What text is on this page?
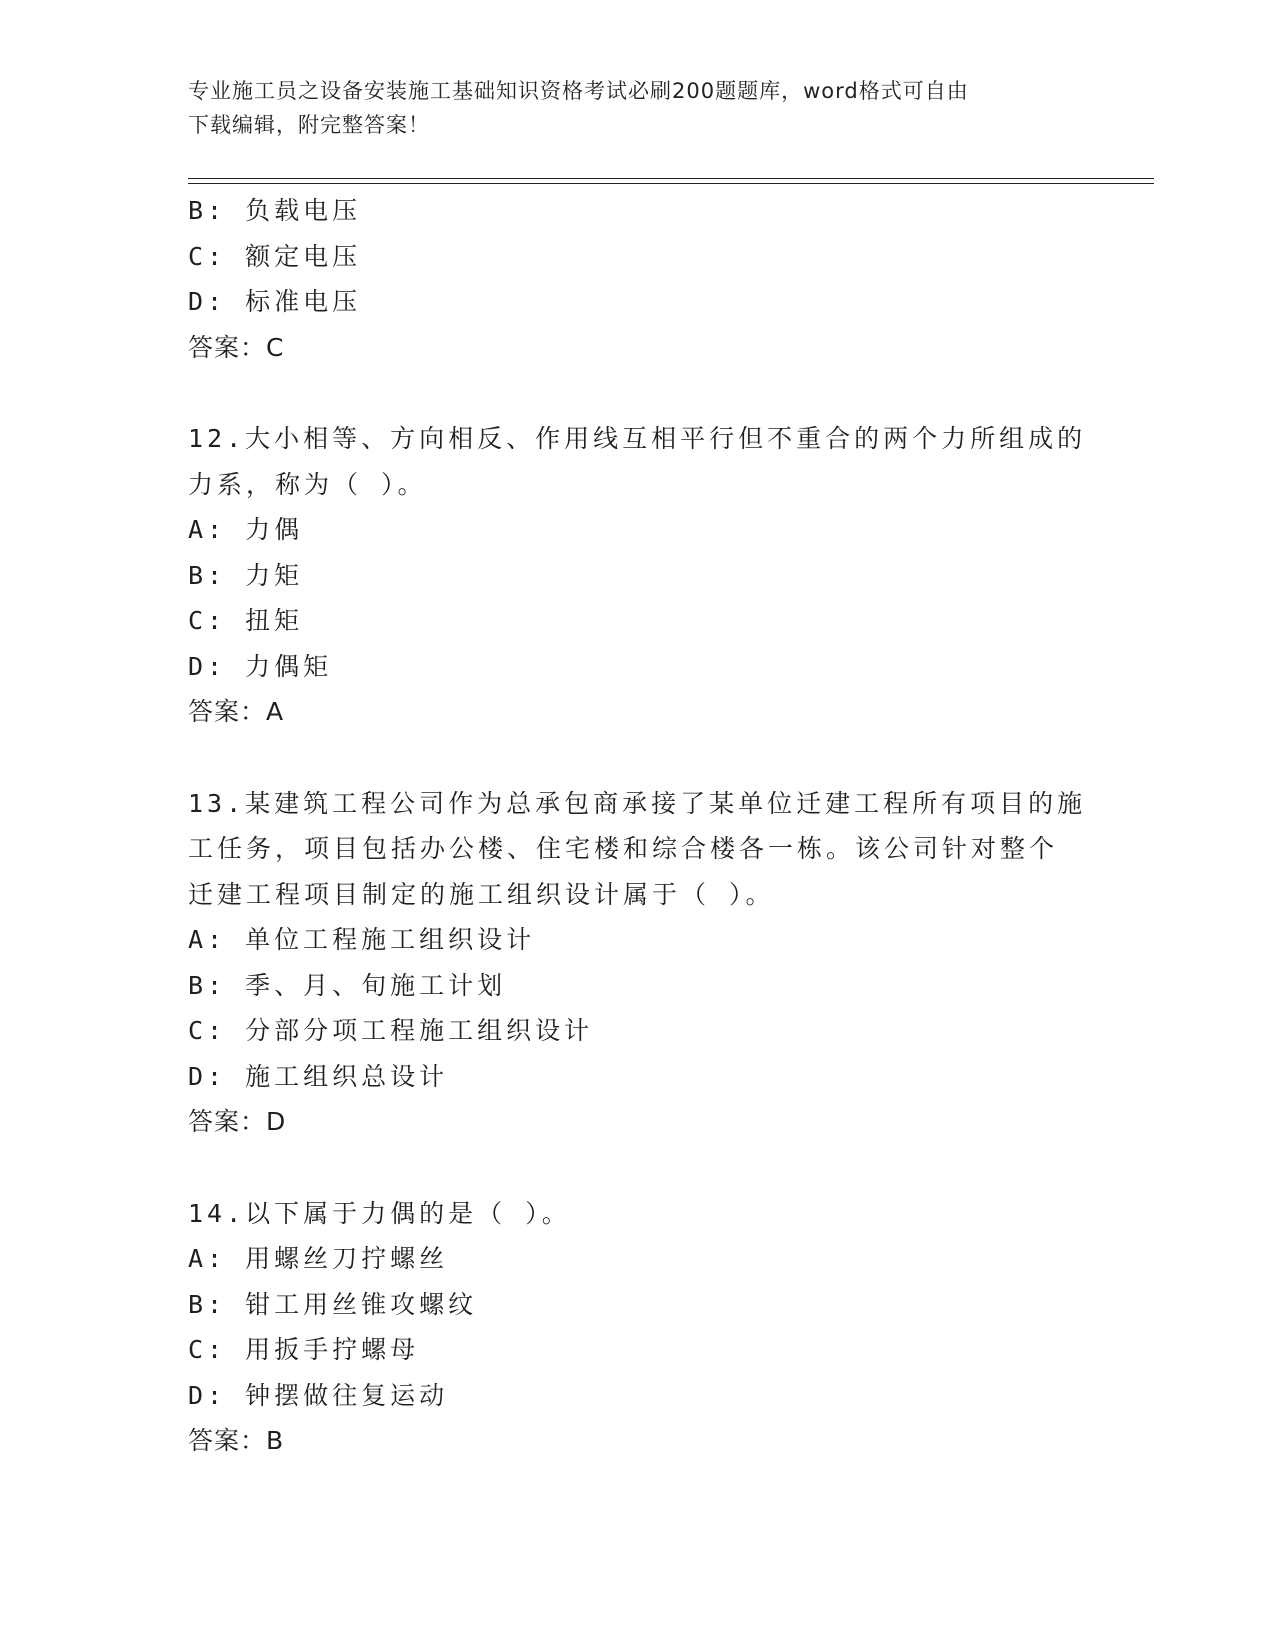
专业施工员之设备安装施工基础知识资格考试必刷200题题库，word格式可自由
下载编辑，附完整答案！
B: 负载电压
C: 额定电压
D: 标准电压
答案：C
12.大小相等、方向相反、作用线互相平行但不重合的两个力所组成的
力系，称为（ ）。
A: 力偶
B: 力矩
C: 扭矩
D: 力偶矩
答案：A
13.某建筑工程公司作为总承包商承接了某单位迁建工程所有项目的施
工任务，项目包括办公楼、住宅楼和综合楼各一栋。该公司针对整个
迁建工程项目制定的施工组织设计属于（ ）。
A: 单位工程施工组织设计
B: 季、月、旬施工计划
C: 分部分项工程施工组织设计
D: 施工组织总设计
答案：D
14.以下属于力偶的是（ ）。
A: 用螺丝刀拧螺丝
B: 钳工用丝锥攻螺纹
C: 用扳手拧螺母
D: 钟摆做往复运动
答案：B
